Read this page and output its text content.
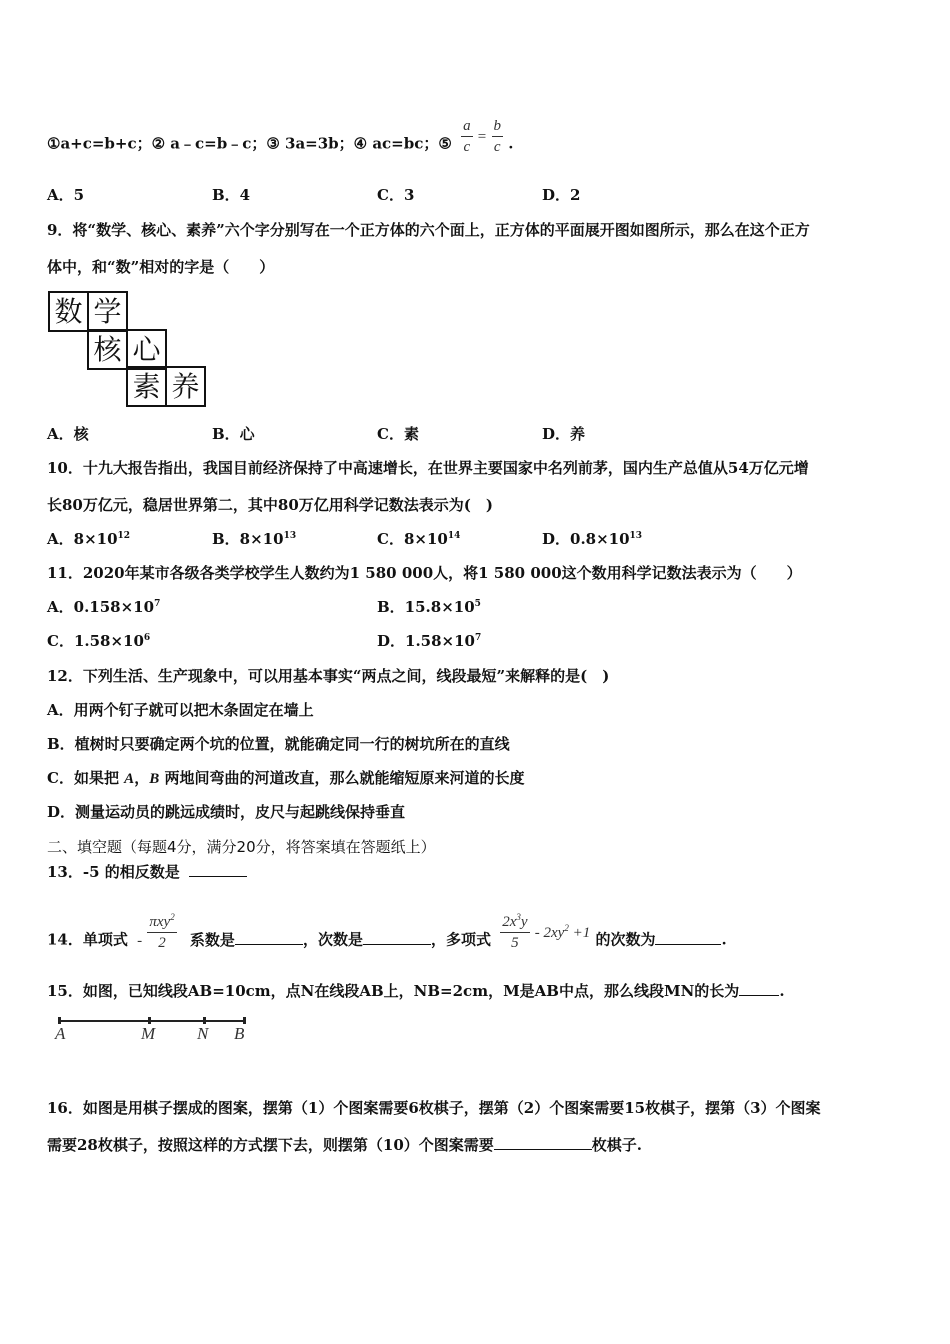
①a+c=b+c；② a﹣c=b﹣c；③ 3a=3b；④ ac=bc；⑤ $\frac{a}{c} = \frac{b}{c}$ .
A．5	B．4	C．3	D．2
9．将“数学、核心、素养”六个字分别写在一个正方体的六个面上，正方体的平面展开图如图所示，那么在这个正方
体中，和“数”相对的字是（　　）
数 学
核 心
素 养
A．核	B．心	C．素	D．养
10．十九大报告指出，我国目前经济保持了中高速增长，在世界主要国家中名列前茅，国内生产总值从54万亿元增
长80万亿元，稳居世界第二，其中80万亿用科学记数法表示为(　)
A．$8\times 10^{12}$	B．$8\times 10^{13}$	C．$8\times 10^{14}$	D．$0.8\times 10^{13}$
11．2020年某市各级各类学校学生人数约为1 580 000人，将1 580 000这个数用科学记数法表示为（　　）
A．$0.158\times 10^7$	B．$15.8\times 10^5$
C．$1.58\times 10^6$	D．$1.58\times 10^7$
12．下列生活、生产现象中，可以用基本事实“两点之间，线段最短”来解释的是(　)
A．用两个钉子就可以把木条固定在墙上
B．植树时只要确定两个坑的位置，就能确定同一行的树坑所在的直线
C．如果把 A，B 两地间弯曲的河道改直，那么就能缩短原来河道的长度
D．测量运动员的跳远成绩时，皮尺与起跳线保持垂直
二、填空题（每题4分，满分20分，将答案填在答题纸上）
13．-5 的相反数是
14．单项式 - $\frac{\pi xy^2}{2}$ 系数是	，次数是	，多项式 $\frac{2x^3y}{5} - 2xy^2 +1$ 的次数为	.
15．如图，已知线段AB=10cm，点N在线段AB上，NB=2cm，M是AB中点，那么线段MN的长为	.
A	M N B
16．如图是用棋子摆成的图案，摆第（1）个图案需要6枚棋子，摆第（2）个图案需要15枚棋子，摆第（3）个图案
需要28枚棋子，按照这样的方式摆下去，则摆第（10）个图案需要	枚棋子.
